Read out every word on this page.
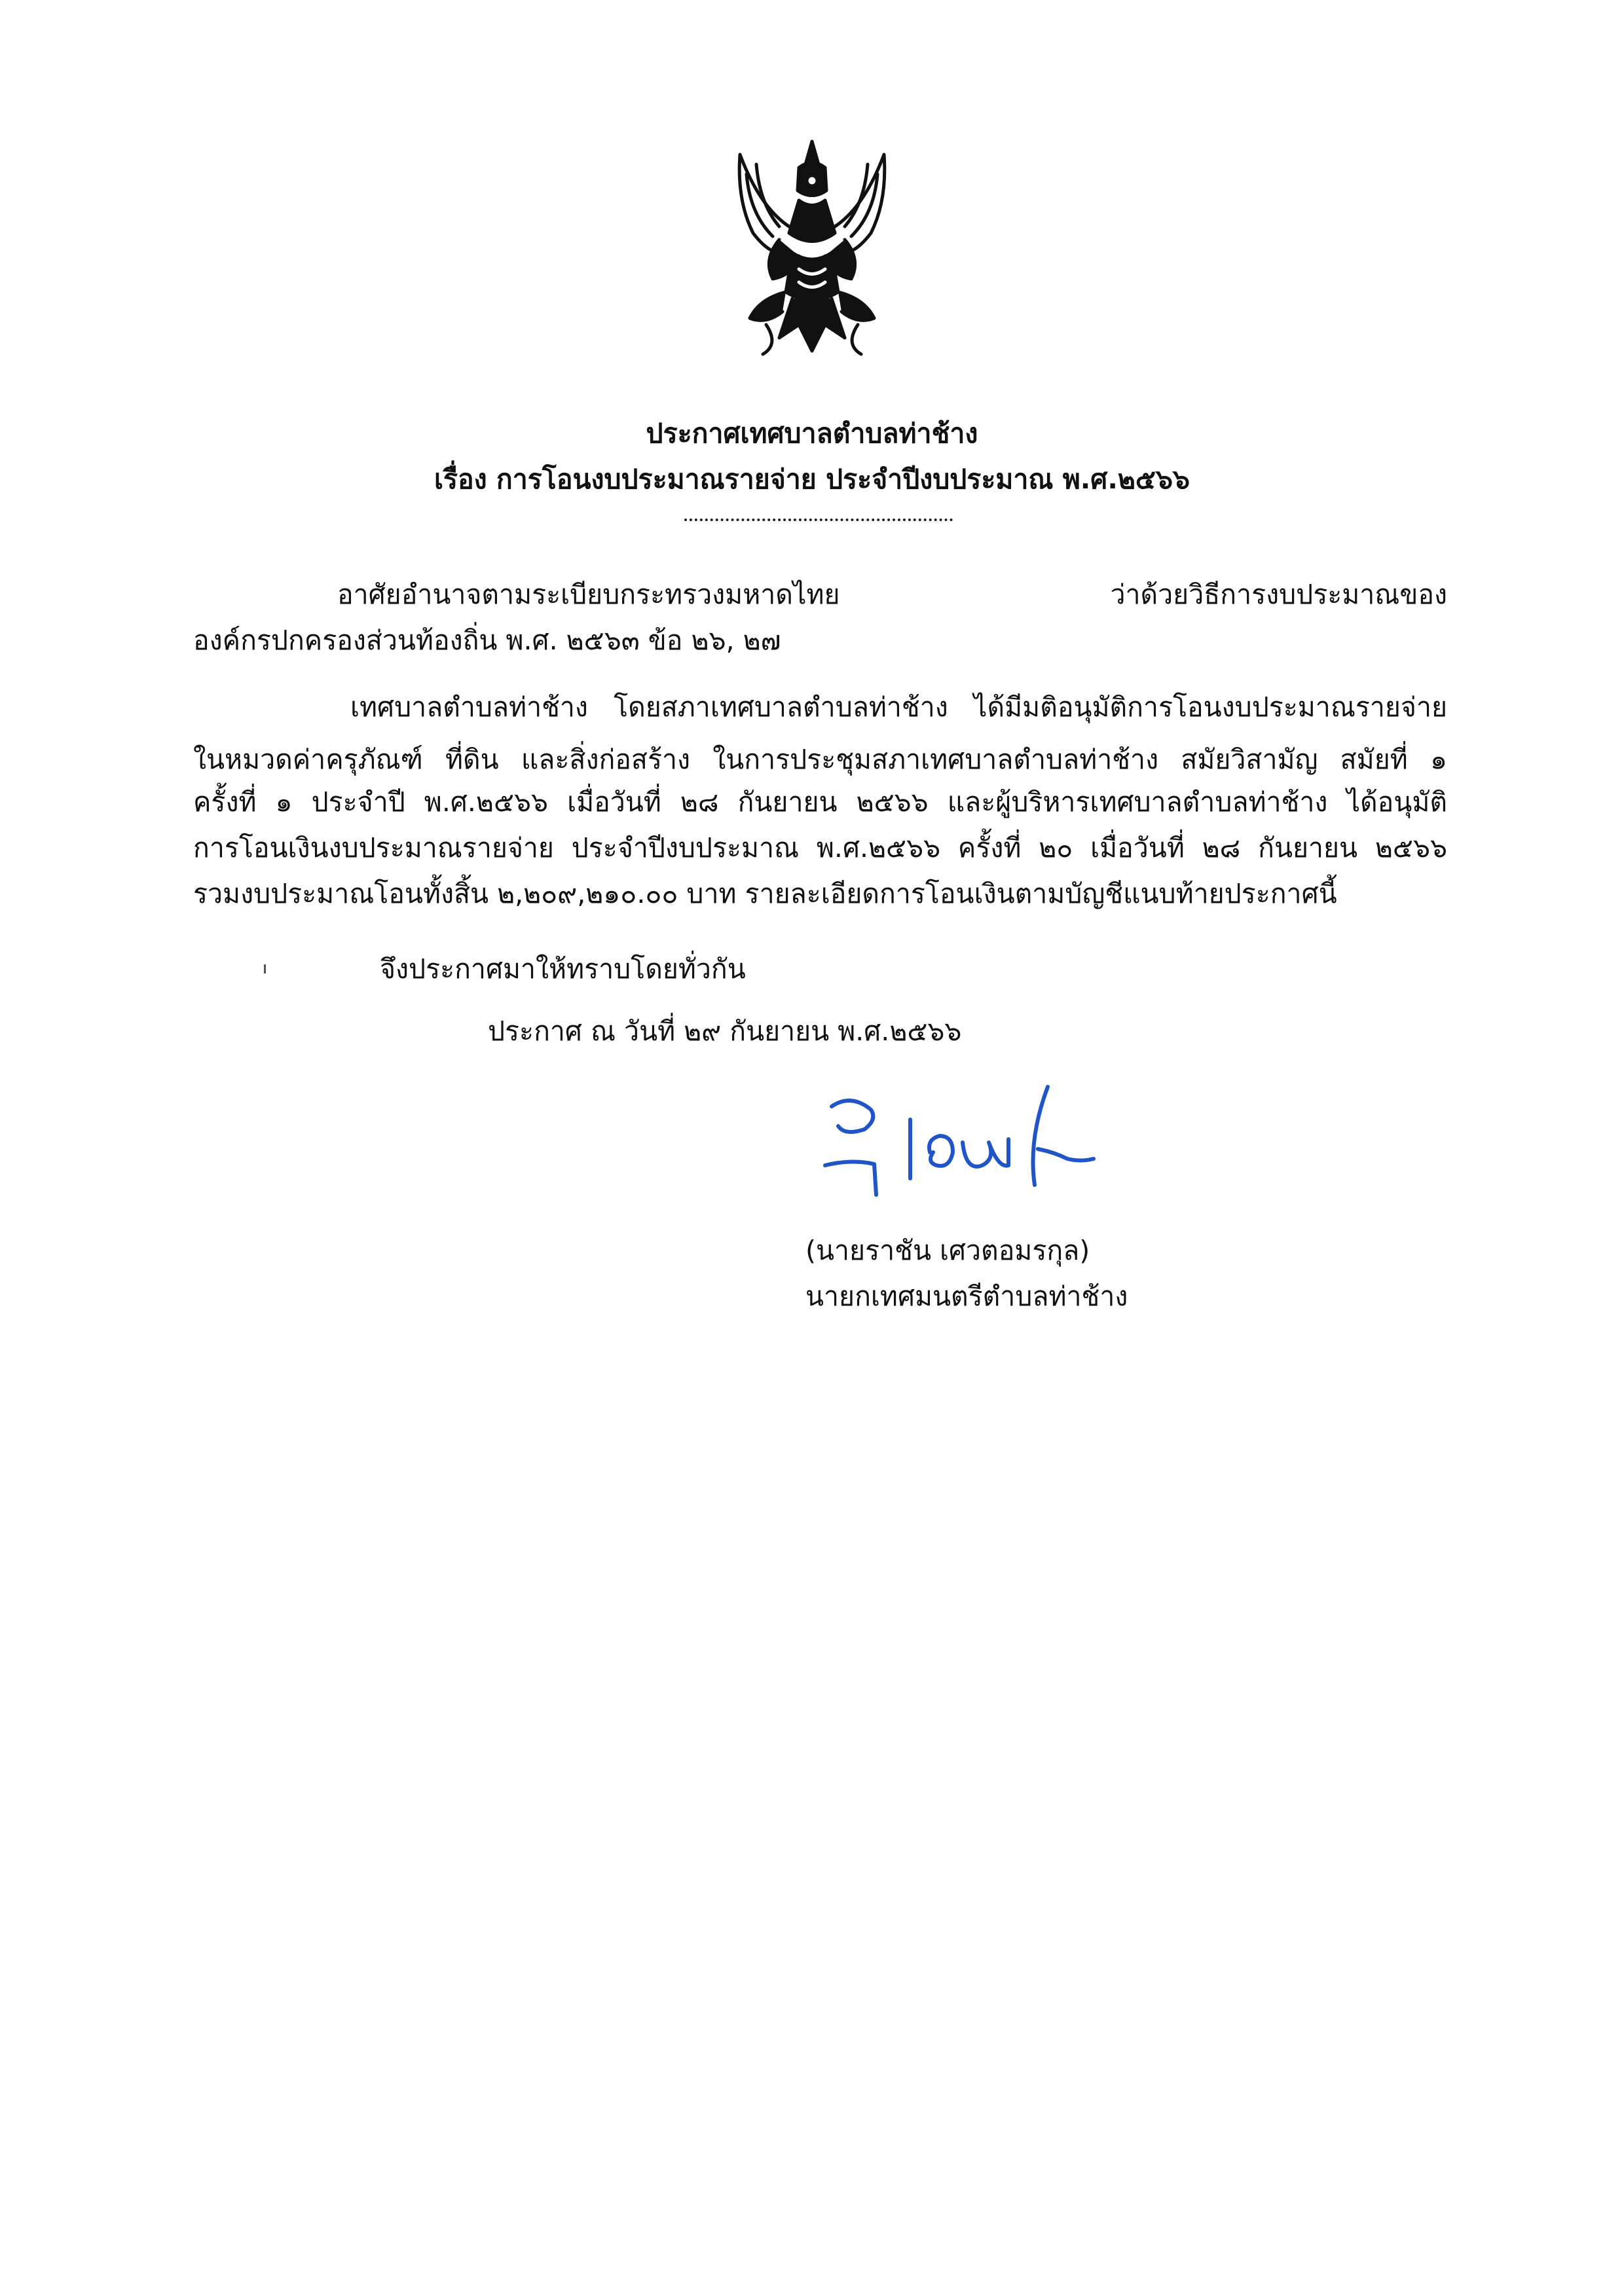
ประกาศเทศบาลตำบลท่าช้าง
เรื่อง การโอนงบประมาณรายจ่าย ประจำปีงบประมาณ พ.ศ.๒๕๖๖
อาศัยอำนาจตามระเบียบกระทรวงมหาดไทย ว่าด้วยวิธีการงบประมาณของ
องค์กรปกครองส่วนท้องถิ่น พ.ศ. ๒๕๖๓ ข้อ ๒๖, ๒๗
เทศบาลตำบลท่าช้าง โดยสภาเทศบาลตำบลท่าช้าง ได้มีมติอนุมัติการโอนงบประมาณรายจ่าย
ในหมวดค่าครุภัณฑ์ ที่ดิน และสิ่งก่อสร้าง ในการประชุมสภาเทศบาลตำบลท่าช้าง สมัยวิสามัญ สมัยที่ ๑
ครั้งที่ ๑ ประจำปี พ.ศ.๒๕๖๖ เมื่อวันที่ ๒๘ กันยายน ๒๕๖๖ และผู้บริหารเทศบาลตำบลท่าช้าง ได้อนุมัติ
การโอนเงินงบประมาณรายจ่าย ประจำปีงบประมาณ พ.ศ.๒๕๖๖ ครั้งที่ ๒๐ เมื่อวันที่ ๒๘ กันยายน ๒๕๖๖
รวมงบประมาณโอนทั้งสิ้น ๒,๒๐๙,๒๑๐.๐๐ บาท รายละเอียดการโอนเงินตามบัญชีแนบท้ายประกาศนี้
จึงประกาศมาให้ทราบโดยทั่วกัน
ประกาศ ณ วันที่ ๒๙ กันยายน พ.ศ.๒๕๖๖
(นายราชัน เศวตอมรกุล)
นายกเทศมนตรีตำบลท่าช้าง
